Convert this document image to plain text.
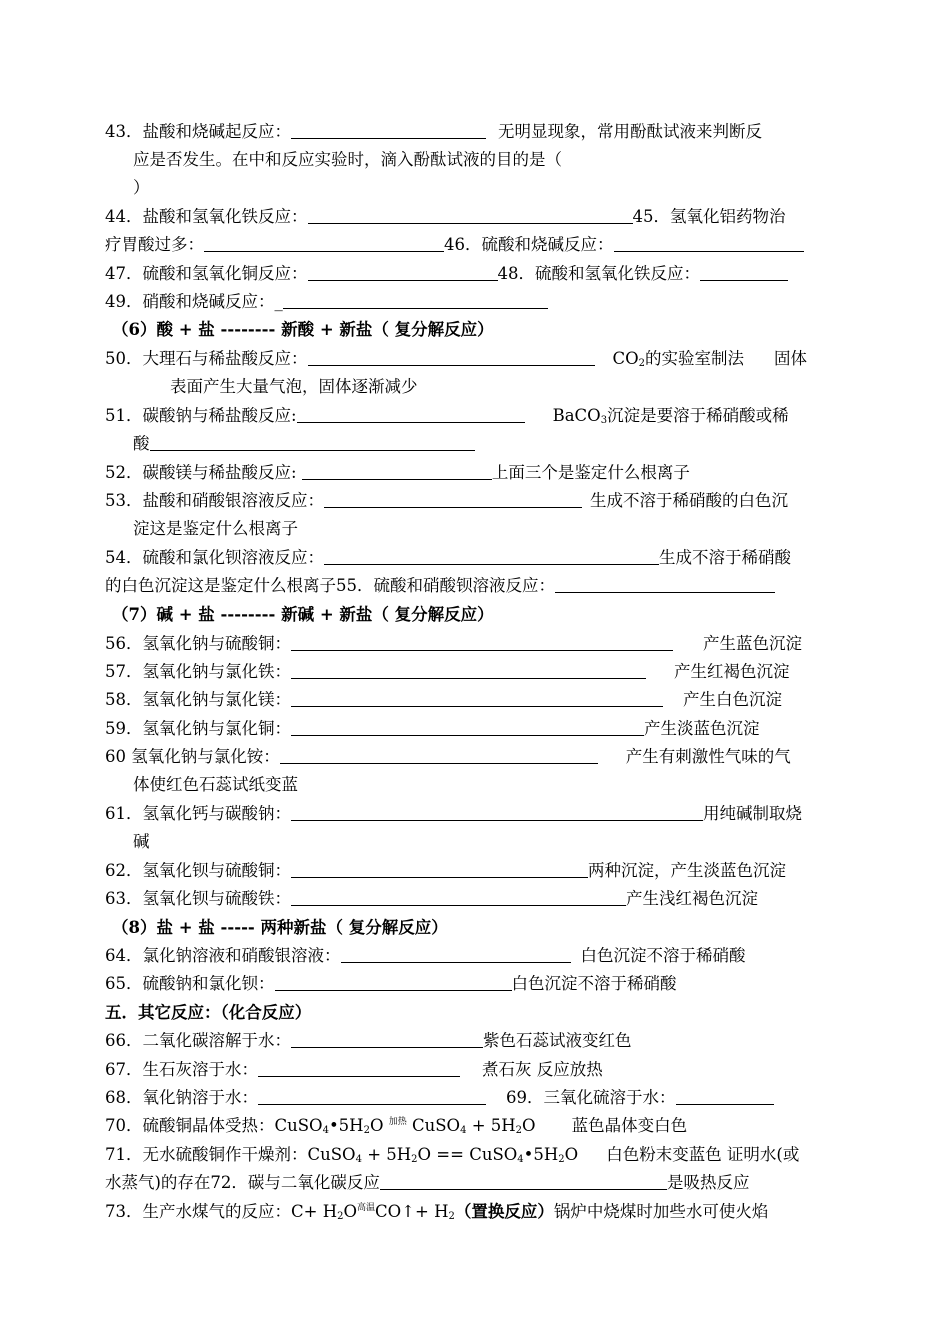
43．盐酸和烧碱起反应：	无明显现象，常用酚酞试液来判断反
应是否发生。在中和反应实验时，滴入酚酞试液的目的是（
）
44．盐酸和氢氧化铁反应：	45．氢氧化铝药物治
疗胃酸过多：	46．硫酸和烧碱反应：
47．硫酸和氢氧化铜反应：	48．硫酸和氢氧化铁反应：
49．硝酸和烧碱反应：_
（6）酸 + 盐 -------- 新酸 + 新盐（ 复分解反应）
50．大理石与稀盐酸反应：	$CO_2$的实验室制法 固体
表面产生大量气泡，固体逐渐减少
51．碳酸钠与稀盐酸反应:	BaCO$_3$沉淀是要溶于稀硝酸或稀
酸
52．碳酸镁与稀盐酸反应:	上面三个是鉴定什么根离子
53．盐酸和硝酸银溶液反应：	生成不溶于稀硝酸的白色沉
淀这是鉴定什么根离子
54．硫酸和氯化钡溶液反应：	生成不溶于稀硝酸
的白色沉淀这是鉴定什么根离子55．硫酸和硝酸钡溶液反应：
（7）碱 + 盐 -------- 新碱 + 新盐（ 复分解反应）
56．氢氧化钠与硫酸铜：	产生蓝色沉淀
57．氢氧化钠与氯化铁：	产生红褐色沉淀
58．氢氧化钠与氯化镁：	产生白色沉淀
59．氢氧化钠与氯化铜：	产生淡蓝色沉淀
60 氢氧化钠与氯化铵：	产生有刺激性气味的气
体使红色石蕊试纸变蓝
61．氢氧化钙与碳酸钠：	用纯碱制取烧
碱
62．氢氧化钡与硫酸铜：	两种沉淀，产生淡蓝色沉淀
63．氢氧化钡与硫酸铁：	产生浅红褐色沉淀
（8）盐 + 盐 ----- 两种新盐（ 复分解反应）
64．氯化钠溶液和硝酸银溶液：	白色沉淀不溶于稀硝酸
65．硫酸钠和氯化钡：	白色沉淀不溶于稀硝酸
五．其它反应：（化合反应）
66．二氧化碳溶解于水：	紫色石蕊试液变红色
67．生石灰溶于水：	煮石灰 反应放热
68．氧化钠溶于水：	69．三氧化硫溶于水：
70．硫酸铜晶体受热：$CuSO_4•5H_2O$ $^{加热}$ CuSO$_4$ + $5H_2O$ 蓝色晶体变白色
71．无水硫酸铜作干燥剂：CuSO$_4$ + $5H_2O$ == $CuSO_4•5H_2O$ 白色粉末变蓝色 证明水(或
水蒸气)的存在72．碳与二氧化碳反应	是吸热反应
73．生产水煤气的反应：$C+ H_2O^{高温}CO↑+ H_2$（置换反应）锅炉中烧煤时加些水可使火焰
